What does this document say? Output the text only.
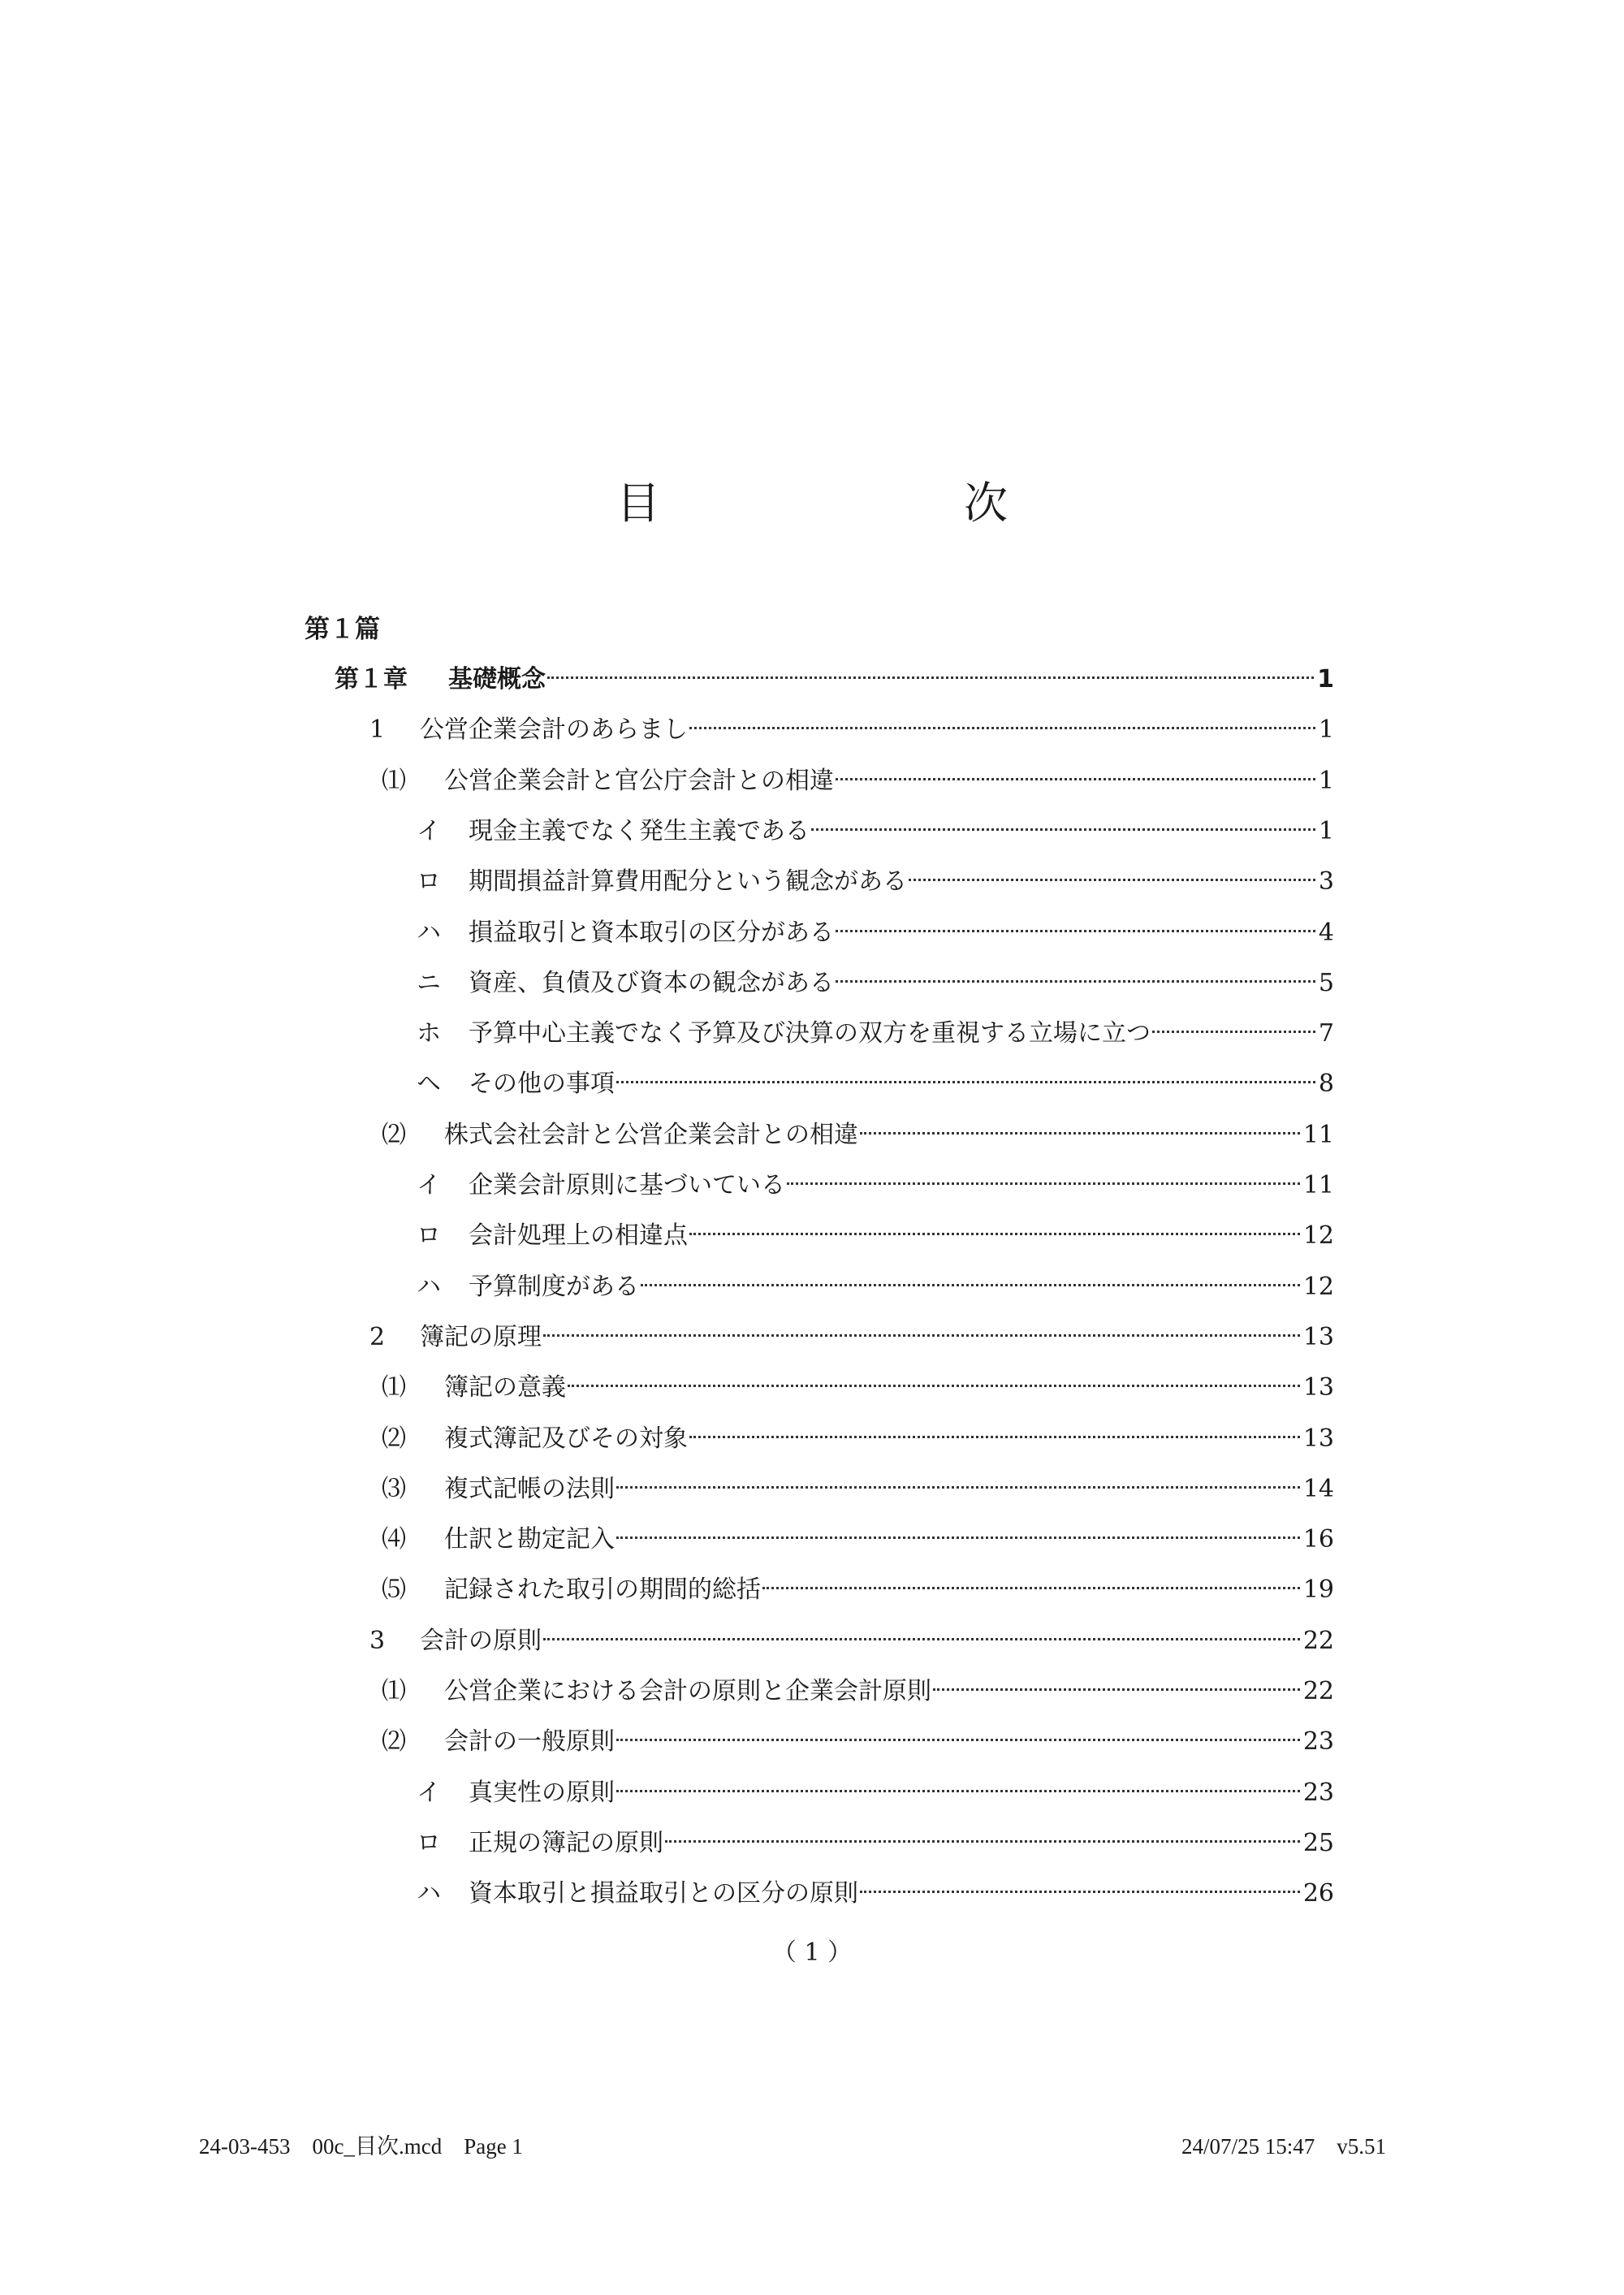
目　次
第１篇
第１章	基礎概念	1
1	公営企業会計のあらまし	1
⑴	公営企業会計と官公庁会計との相違	1
イ	現金主義でなく発生主義である	1
ロ	期間損益計算費用配分という観念がある	3
ハ	損益取引と資本取引の区分がある	4
ニ	資産、負債及び資本の観念がある	5
ホ	予算中心主義でなく予算及び決算の双方を重視する立場に立つ	7
ヘ	その他の事項	8
⑵	株式会社会計と公営企業会計との相違	11
イ	企業会計原則に基づいている	11
ロ	会計処理上の相違点	12
ハ	予算制度がある	12
2	簿記の原理	13
⑴	簿記の意義	13
⑵	複式簿記及びその対象	13
⑶	複式記帳の法則	14
⑷	仕訳と勘定記入	16
⑸	記録された取引の期間的総括	19
3	会計の原則	22
⑴	公営企業における会計の原則と企業会計原則	22
⑵	会計の一般原則	23
イ	真実性の原則	23
ロ	正規の簿記の原則	25
ハ	資本取引と損益取引との区分の原則	26
（ 1 ）
24-03-453　00c_目次.mcd　Page 1	24/07/25 15:47　v5.51
